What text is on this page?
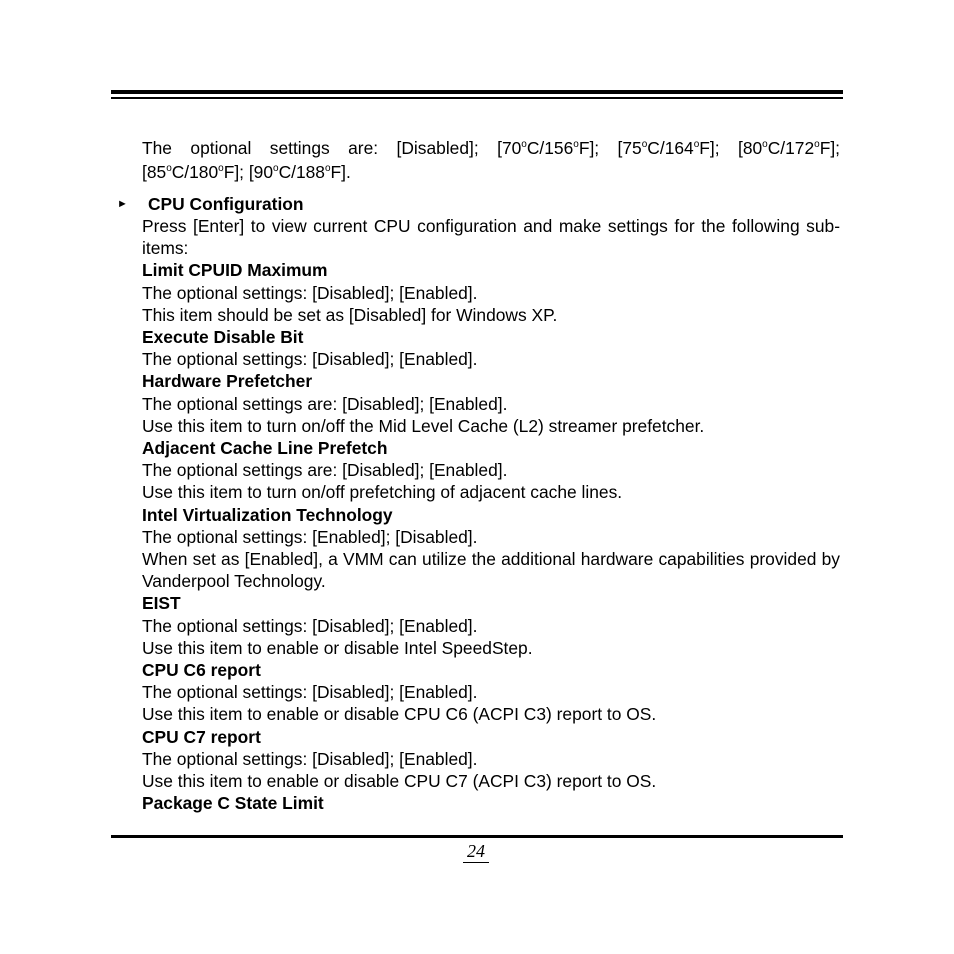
The optional settings are: [Disabled]; [70$^o$C/156$^o$F]; [75$^o$C/164$^o$F]; [80$^o$C/172$^o$F]; [85$^o$C/180$^o$F]; [90$^o$C/188$^o$F].

► CPU Configuration

Press [Enter] to view current CPU configuration and make settings for the following sub-items:

Limit CPUID Maximum

The optional settings: [Disabled]; [Enabled].

This item should be set as [Disabled] for Windows XP.

Execute Disable Bit

The optional settings: [Disabled]; [Enabled].

Hardware Prefetcher

The optional settings are: [Disabled]; [Enabled].

Use this item to turn on/off the Mid Level Cache (L2) streamer prefetcher.

Adjacent Cache Line Prefetch

The optional settings are: [Disabled]; [Enabled].

Use this item to turn on/off prefetching of adjacent cache lines.

Intel Virtualization Technology

The optional settings: [Enabled]; [Disabled].

When set as [Enabled], a VMM can utilize the additional hardware capabilities provided by Vanderpool Technology.

EIST

The optional settings: [Disabled]; [Enabled].

Use this item to enable or disable Intel SpeedStep.

CPU C6 report

The optional settings: [Disabled]; [Enabled].

Use this item to enable or disable CPU C6 (ACPI C3) report to OS.

CPU C7 report

The optional settings: [Disabled]; [Enabled].

Use this item to enable or disable CPU C7 (ACPI C3) report to OS.

Package C State Limit

24
